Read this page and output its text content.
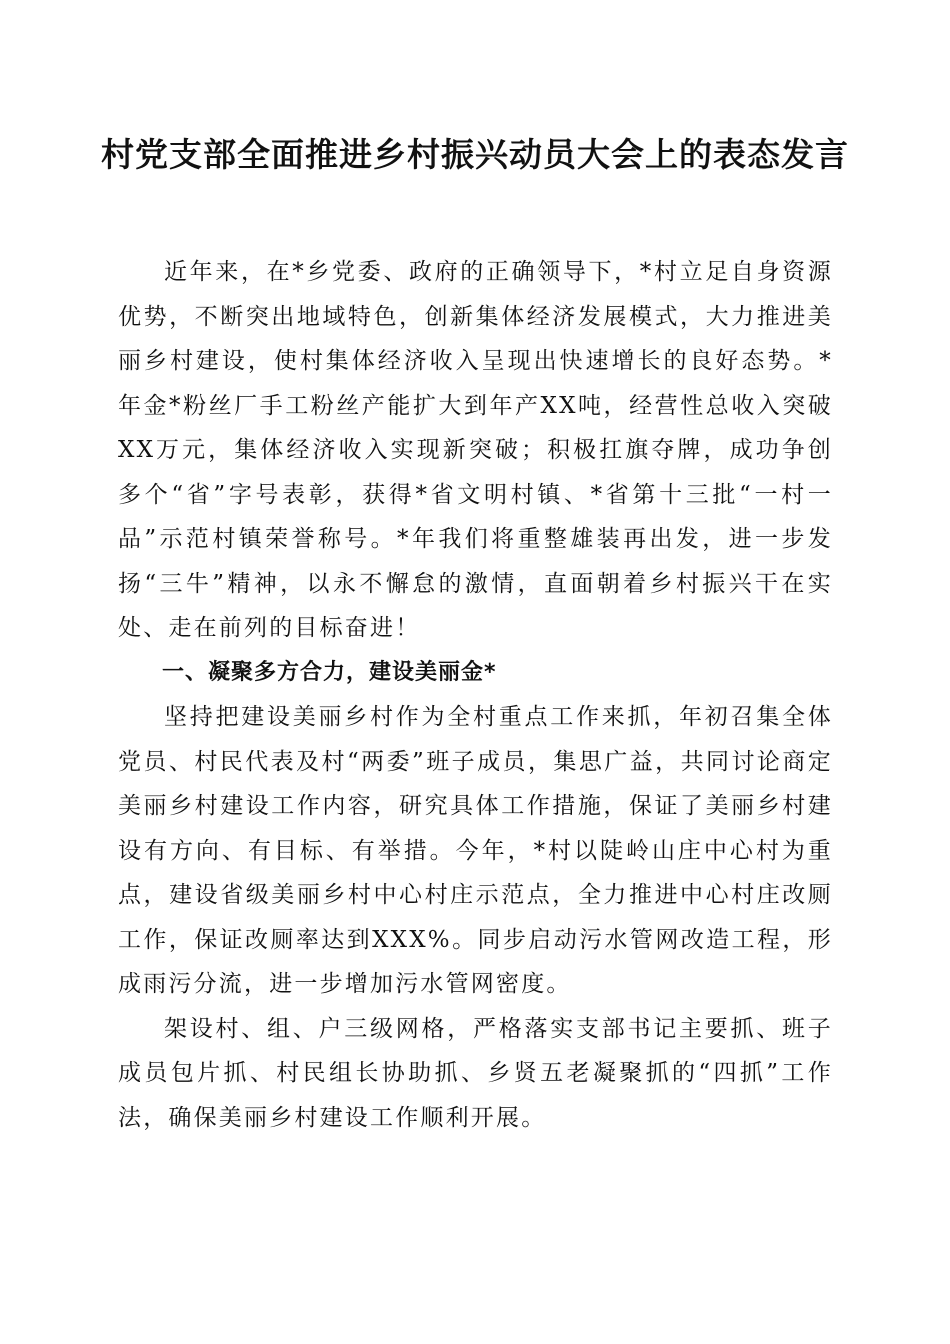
村党支部全面推进乡村振兴动员大会上的表态发言

近年来，在*乡党委、政府的正确领导下，*村立足自身资源优势，不断突出地域特色，创新集体经济发展模式，大力推进美丽乡村建设，使村集体经济收入呈现出快速增长的良好态势。*年金*粉丝厂手工粉丝产能扩大到年产XX吨，经营性总收入突破XX万元，集体经济收入实现新突破；积极扛旗夺牌，成功争创多个“省”字号表彰，获得*省文明村镇、*省第十三批“一村一品”示范村镇荣誉称号。*年我们将重整雄装再出发，进一步发扬“三牛”精神，以永不懈怠的激情，直面朝着乡村振兴干在实处、走在前列的目标奋进！

一、凝聚多方合力，建设美丽金*

坚持把建设美丽乡村作为全村重点工作来抓，年初召集全体党员、村民代表及村“两委”班子成员，集思广益，共同讨论商定美丽乡村建设工作内容，研究具体工作措施，保证了美丽乡村建设有方向、有目标、有举措。今年，*村以陡岭山庄中心村为重点，建设省级美丽乡村中心村庄示范点，全力推进中心村庄改厕工作，保证改厕率达到XXX%。同步启动污水管网改造工程，形成雨污分流，进一步增加污水管网密度。

架设村、组、户三级网格，严格落实支部书记主要抓、班子成员包片抓、村民组长协助抓、乡贤五老凝聚抓的“四抓”工作法，确保美丽乡村建设工作顺利开展。
